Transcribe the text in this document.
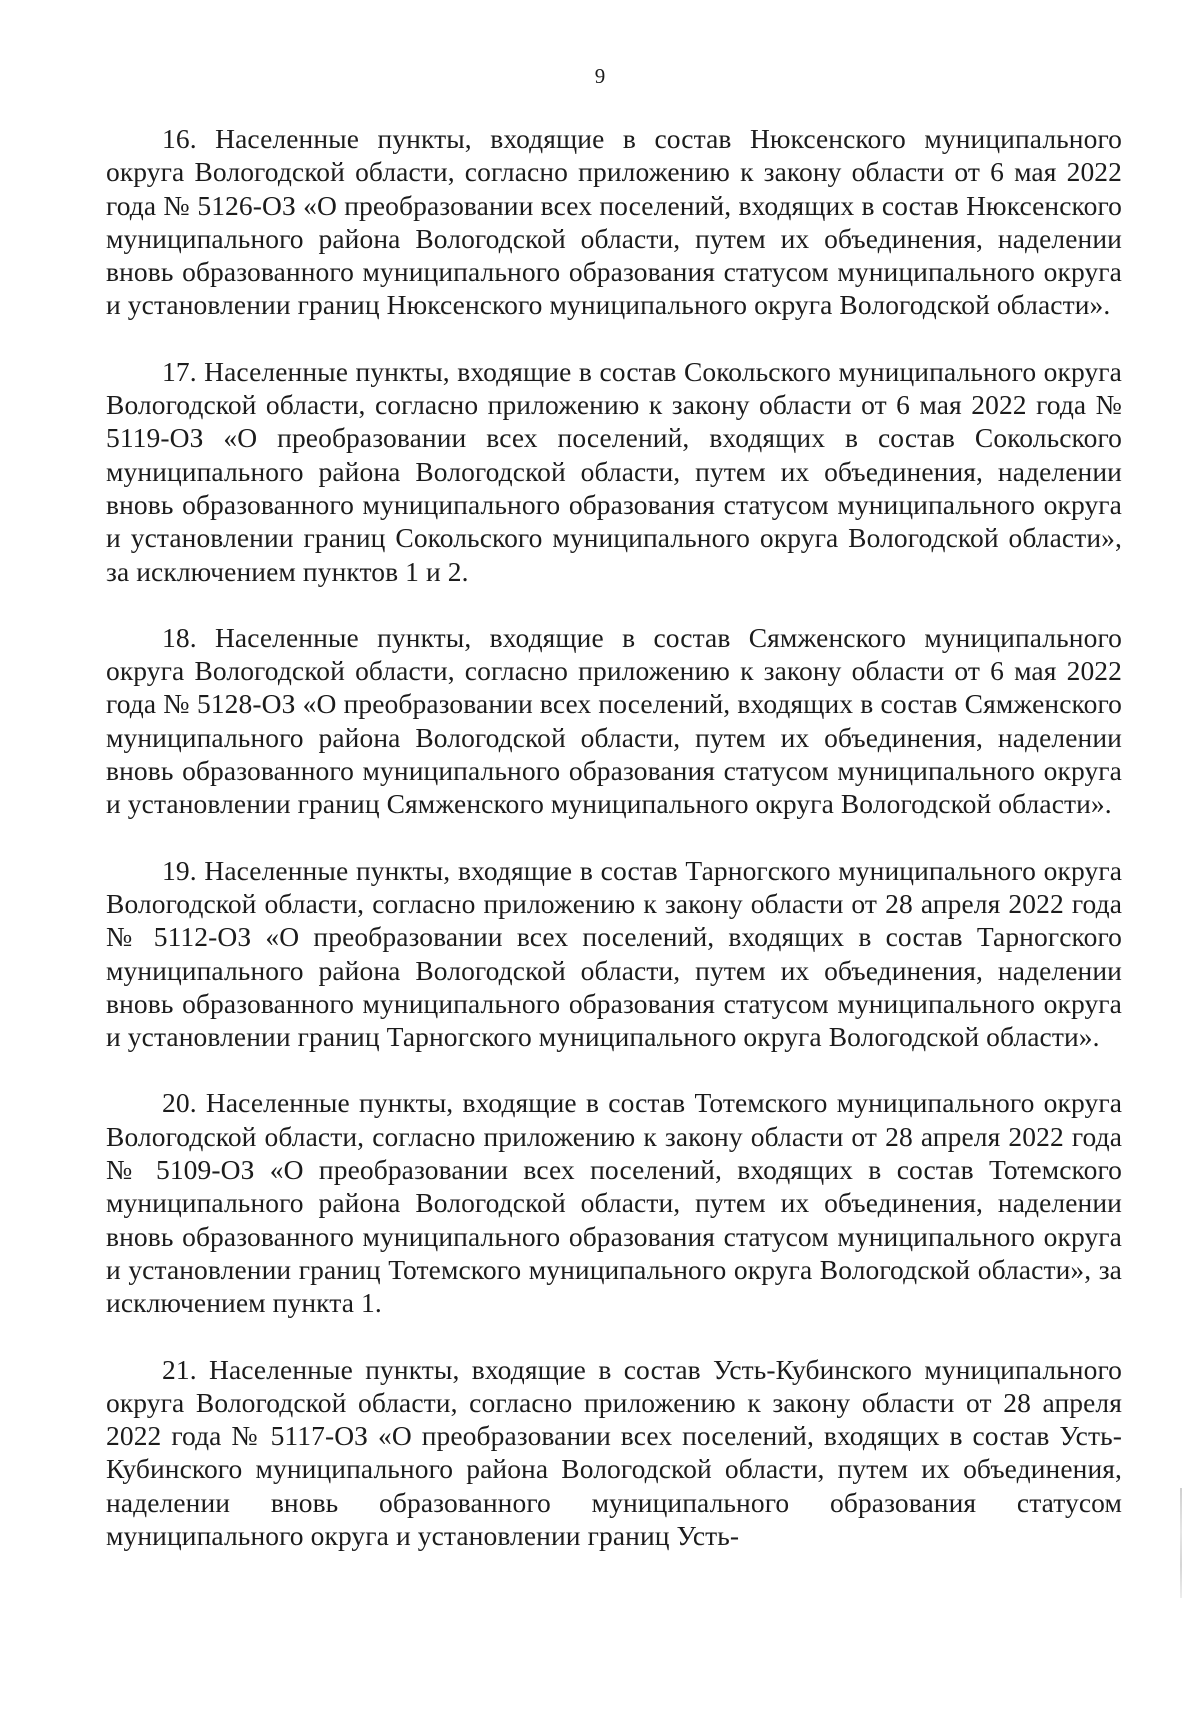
9

16. Населенные пункты, входящие в состав Нюксенского муниципального округа Вологодской области, согласно приложению к закону области от 6 мая 2022 года № 5126-ОЗ «О преобразовании всех поселений, входящих в состав Нюксенского муниципального района Вологодской области, путем их объединения, наделении вновь образованного муниципального образования статусом муниципального округа и установлении границ Нюксенского муниципального округа Вологодской области».

17. Населенные пункты, входящие в состав Сокольского муниципального округа Вологодской области, согласно приложению к закону области от 6 мая 2022 года № 5119-ОЗ «О преобразовании всех поселений, входящих в состав Сокольского муниципального района Вологодской области, путем их объединения, наделении вновь образованного муниципального образования статусом муниципального округа и установлении границ Сокольского муниципального округа Вологодской области», за исключением пунктов 1 и 2.

18. Населенные пункты, входящие в состав Сямженского муниципального округа Вологодской области, согласно приложению к закону области от 6 мая 2022 года № 5128-ОЗ «О преобразовании всех поселений, входящих в состав Сямженского муниципального района Вологодской области, путем их объединения, наделении вновь образованного муниципального образования статусом муниципального округа и установлении границ Сямженского муниципального округа Вологодской области».

19. Населенные пункты, входящие в состав Тарногского муниципального округа Вологодской области, согласно приложению к закону области от 28 апреля 2022 года № 5112-ОЗ «О преобразовании всех поселений, входящих в состав Тарногского муниципального района Вологодской области, путем их объединения, наделении вновь образованного муниципального образования статусом муниципального округа и установлении границ Тарногского муниципального округа Вологодской области».

20. Населенные пункты, входящие в состав Тотемского муниципального округа Вологодской области, согласно приложению к закону области от 28 апреля 2022 года № 5109-ОЗ «О преобразовании всех поселений, входящих в состав Тотемского муниципального района Вологодской области, путем их объединения, наделении вновь образованного муниципального образования статусом муниципального округа и установлении границ Тотемского муниципального округа Вологодской области», за исключением пункта 1.

21. Населенные пункты, входящие в состав Усть-Кубинского муниципального округа Вологодской области, согласно приложению к закону области от 28 апреля 2022 года № 5117-ОЗ «О преобразовании всех поселений, входящих в состав Усть-Кубинского муниципального района Вологодской области, путем их объединения, наделении вновь образованного муниципального образования статусом муниципального округа и установлении границ Усть-
